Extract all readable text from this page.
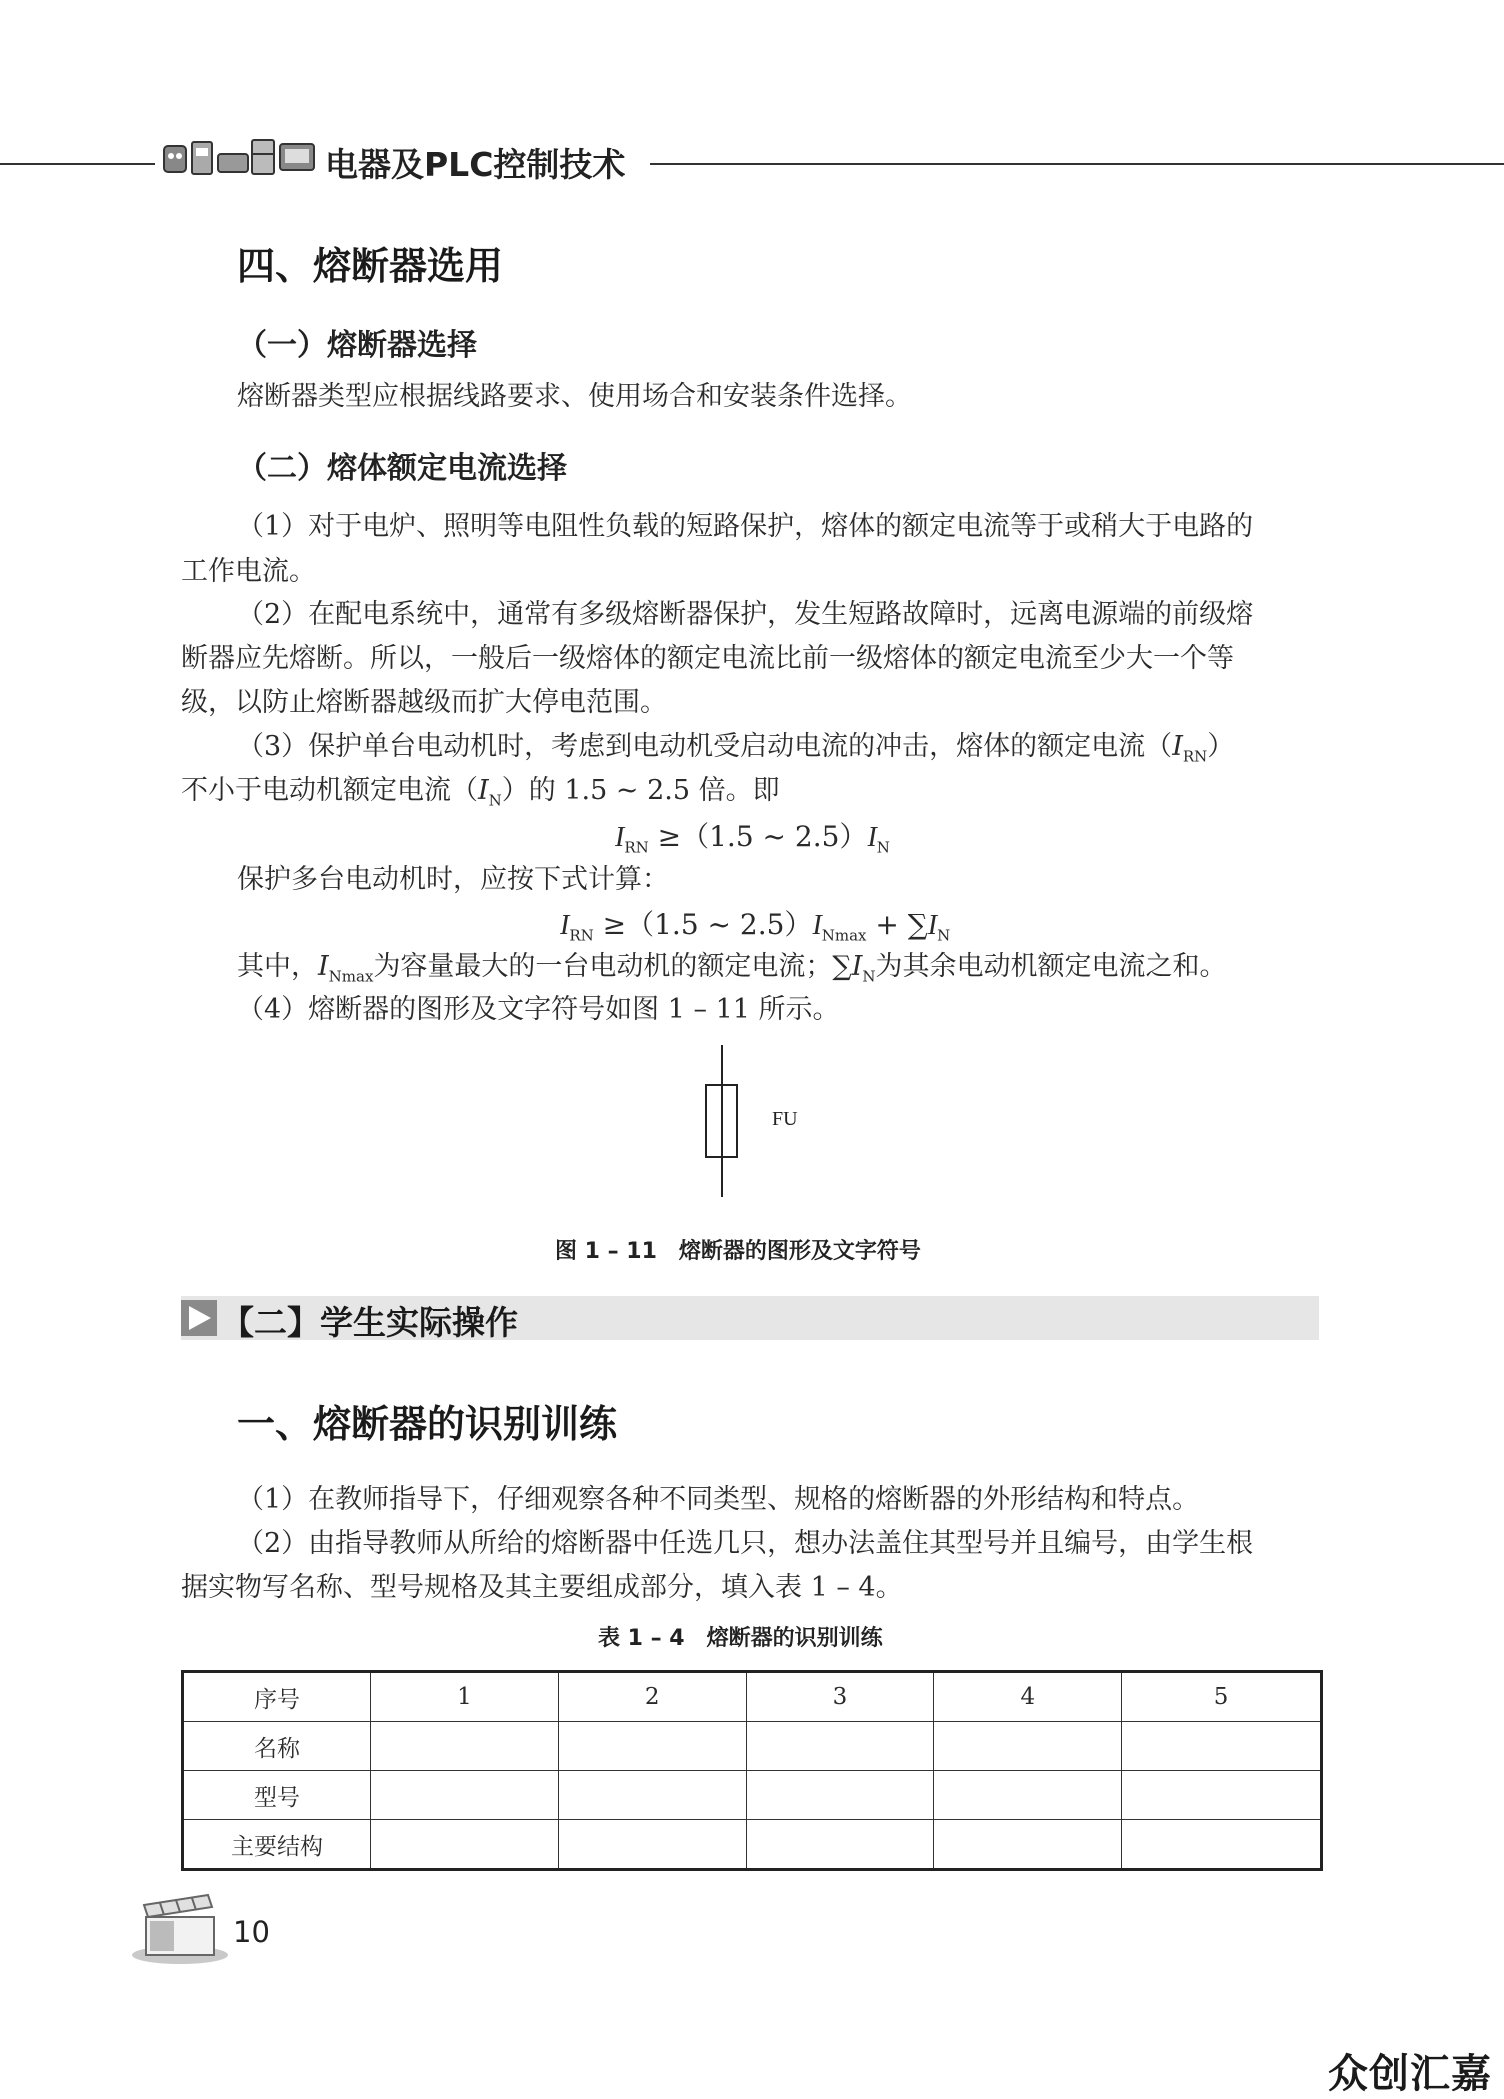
电器及PLC控制技术
四、熔断器选用
（一）熔断器选择
熔断器类型应根据线路要求、使用场合和安装条件选择。
（二）熔体额定电流选择
（1）对于电炉、照明等电阻性负载的短路保护，熔体的额定电流等于或稍大于电路的
工作电流。
（2）在配电系统中，通常有多级熔断器保护，发生短路故障时，远离电源端的前级熔
断器应先熔断。所以，一般后一级熔体的额定电流比前一级熔体的额定电流至少大一个等
级，以防止熔断器越级而扩大停电范围。
（3）保护单台电动机时，考虑到电动机受启动电流的冲击，熔体的额定电流$(I_{RN})$
不小于电动机额定电流$(I_N)$的 1.5 ~ 2.5 倍。即
$I_{RN} \ge(1.5$ ~ $2.5)I_N$
保护多台电动机时，应按下式计算：
$I_{RN} \ge(1.5$ ~ $2.5)I_{Nmax} + \sum I_N$
其中，$I_{Nmax}$为容量最大的一台电动机的额定电流；$\sum I_N$为其余电动机额定电流之和。
（4）熔断器的图形及文字符号如图 1 – 11 所示。
FU
图 1 – 11　熔断器的图形及文字符号
【二】学生实际操作
一、熔断器的识别训练
（1）在教师指导下，仔细观察各种不同类型、规格的熔断器的外形结构和特点。
（2）由指导教师从所给的熔断器中任选几只，想办法盖住其型号并且编号，由学生根
据实物写名称、型号规格及其主要组成部分，填入表 1 – 4。
表 1 – 4　熔断器的识别训练
序号	1	2	3	4	5
名称					
型号					
主要结构					
10
众创汇嘉
